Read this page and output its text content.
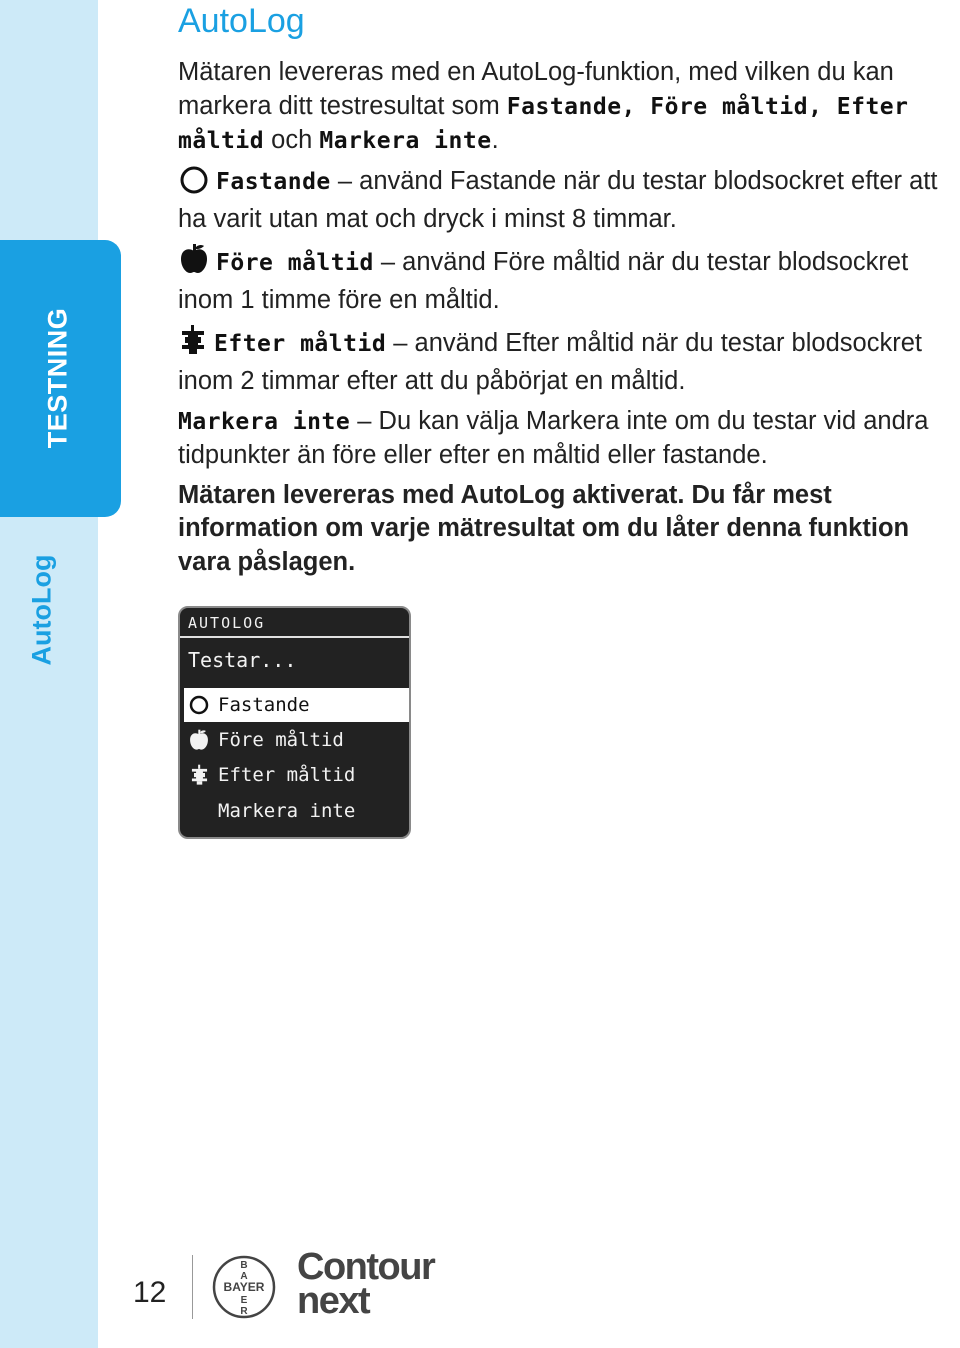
TESTNING
AutoLog
AutoLog

Mätaren levereras med en AutoLog-funktion, med vilken du kan markera ditt testresultat som Fastande, Före måltid, Efter måltid och Markera inte.

Fastande – använd Fastande när du testar blodsockret efter att ha varit utan mat och dryck i minst 8 timmar.

Före måltid – använd Före måltid när du testar blodsockret inom 1 timme före en måltid.

Efter måltid – använd Efter måltid när du testar blodsockret inom 2 timmar efter att du påbörjat en måltid.

Markera inte – Du kan välja Markera inte om du testar vid andra tidpunkter än före eller efter en måltid eller fastande.

Mätaren levereras med AutoLog aktiverat. Du får mest information om varje mätresultat om du låter denna funktion vara påslagen.

AUTOLOG
Testar...
Fastande
Före måltid
Efter måltid
Markera inte
12
B
A
BAYER
E
R
Contour
next
